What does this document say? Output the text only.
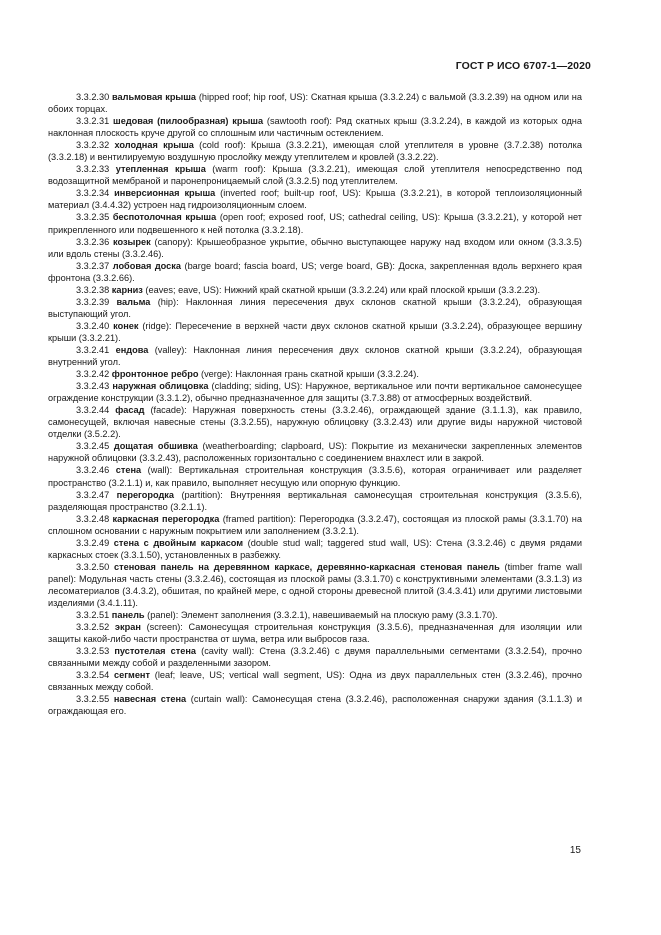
ГОСТ Р ИСО 6707-1—2020

3.3.2.30 вальмовая крыша (hipped roof; hip roof, US): Скатная крыша (3.3.2.24) с вальмой (3.3.2.39) на одном или на обоих торцах.

3.3.2.31 шедовая (пилообразная) крыша (sawtooth roof): Ряд скатных крыш (3.3.2.24), в каждой из которых одна наклонная плоскость круче другой со сплошным или частичным остеклением.

3.3.2.32 холодная крыша (cold roof): Крыша (3.3.2.21), имеющая слой утеплителя в уровне (3.7.2.38) потолка (3.3.2.18) и вентилируемую воздушную прослойку между утеплителем и кровлей (3.3.2.22).

3.3.2.33 утепленная крыша (warm roof): Крыша (3.3.2.21), имеющая слой утеплителя непосредственно под водозащитной мембраной и паронепроницаемый слой (3.3.2.5) под утеплителем.

3.3.2.34 инверсионная крыша (inverted roof; built-up roof, US): Крыша (3.3.2.21), в которой теплоизоляционный материал (3.4.4.32) устроен над гидроизоляционным слоем.

3.3.2.35 беспотолочная крыша (open roof; exposed roof, US; cathedral ceiling, US): Крыша (3.3.2.21), у которой нет прикрепленного или подвешенного к ней потолка (3.3.2.18).

3.3.2.36 козырек (canopy): Крышеобразное укрытие, обычно выступающее наружу над входом или окном (3.3.3.5) или вдоль стены (3.3.2.46).

3.3.2.37 лобовая доска (barge board; fascia board, US; verge board, GB): Доска, закрепленная вдоль верхнего края фронтона (3.3.2.66).

3.3.2.38 карниз (eaves; eave, US): Нижний край скатной крыши (3.3.2.24) или край плоской крыши (3.3.2.23).

3.3.2.39 вальма (hip): Наклонная линия пересечения двух склонов скатной крыши (3.3.2.24), образующая выступающий угол.

3.3.2.40 конек (ridge): Пересечение в верхней части двух склонов скатной крыши (3.3.2.24), образующее вершину крыши (3.3.2.21).

3.3.2.41 ендова (valley): Наклонная линия пересечения двух склонов скатной крыши (3.3.2.24), образующая внутренний угол.

3.3.2.42 фронтонное ребро (verge): Наклонная грань скатной крыши (3.3.2.24).

3.3.2.43 наружная облицовка (cladding; siding, US): Наружное, вертикальное или почти вертикальное самонесущее ограждение конструкции (3.3.1.2), обычно предназначенное для защиты (3.7.3.88) от атмосферных воздействий.

3.3.2.44 фасад (facade): Наружная поверхность стены (3.3.2.46), ограждающей здание (3.1.1.3), как правило, самонесущей, включая навесные стены (3.3.2.55), наружную облицовку (3.3.2.43) или другие виды наружной чистовой отделки (3.5.2.2).

3.3.2.45 дощатая обшивка (weatherboarding; clapboard, US): Покрытие из механически закрепленных элементов наружной облицовки (3.3.2.43), расположенных горизонтально с соединением внахлест или в закрой.

3.3.2.46 стена (wall): Вертикальная строительная конструкция (3.3.5.6), которая ограничивает или разделяет пространство (3.2.1.1) и, как правило, выполняет несущую или опорную функцию.

3.3.2.47 перегородка (partition): Внутренняя вертикальная самонесущая строительная конструкция (3.3.5.6), разделяющая пространство (3.2.1.1).

3.3.2.48 каркасная перегородка (framed partition): Перегородка (3.3.2.47), состоящая из плоской рамы (3.3.1.70) на сплошном основании с наружным покрытием или заполнением (3.3.2.1).

3.3.2.49 стена с двойным каркасом (double stud wall; taggered stud wall, US): Стена (3.3.2.46) с двумя рядами каркасных стоек (3.3.1.50), установленных в разбежку.

3.3.2.50 стеновая панель на деревянном каркасе, деревянно-каркасная стеновая панель (timber frame wall panel): Модульная часть стены (3.3.2.46), состоящая из плоской рамы (3.3.1.70) с конструктивными элементами (3.3.1.3) из лесоматериалов (3.4.3.2), обшитая, по крайней мере, с одной стороны древесной плитой (3.4.3.41) или другими листовыми изделиями (3.4.1.11).

3.3.2.51 панель (panel): Элемент заполнения (3.3.2.1), навешиваемый на плоскую раму (3.3.1.70).

3.3.2.52 экран (screen): Самонесущая строительная конструкция (3.3.5.6), предназначенная для изоляции или защиты какой-либо части пространства от шума, ветра или выбросов газа.

3.3.2.53 пустотелая стена (cavity wall): Стена (3.3.2.46) с двумя параллельными сегментами (3.3.2.54), прочно связанными между собой и разделенными зазором.

3.3.2.54 сегмент (leaf; leave, US; vertical wall segment, US): Одна из двух параллельных стен (3.3.2.46), прочно связанных между собой.

3.3.2.55 навесная стена (curtain wall): Самонесущая стена (3.3.2.46), расположенная снаружи здания (3.1.1.3) и ограждающая его.

15
